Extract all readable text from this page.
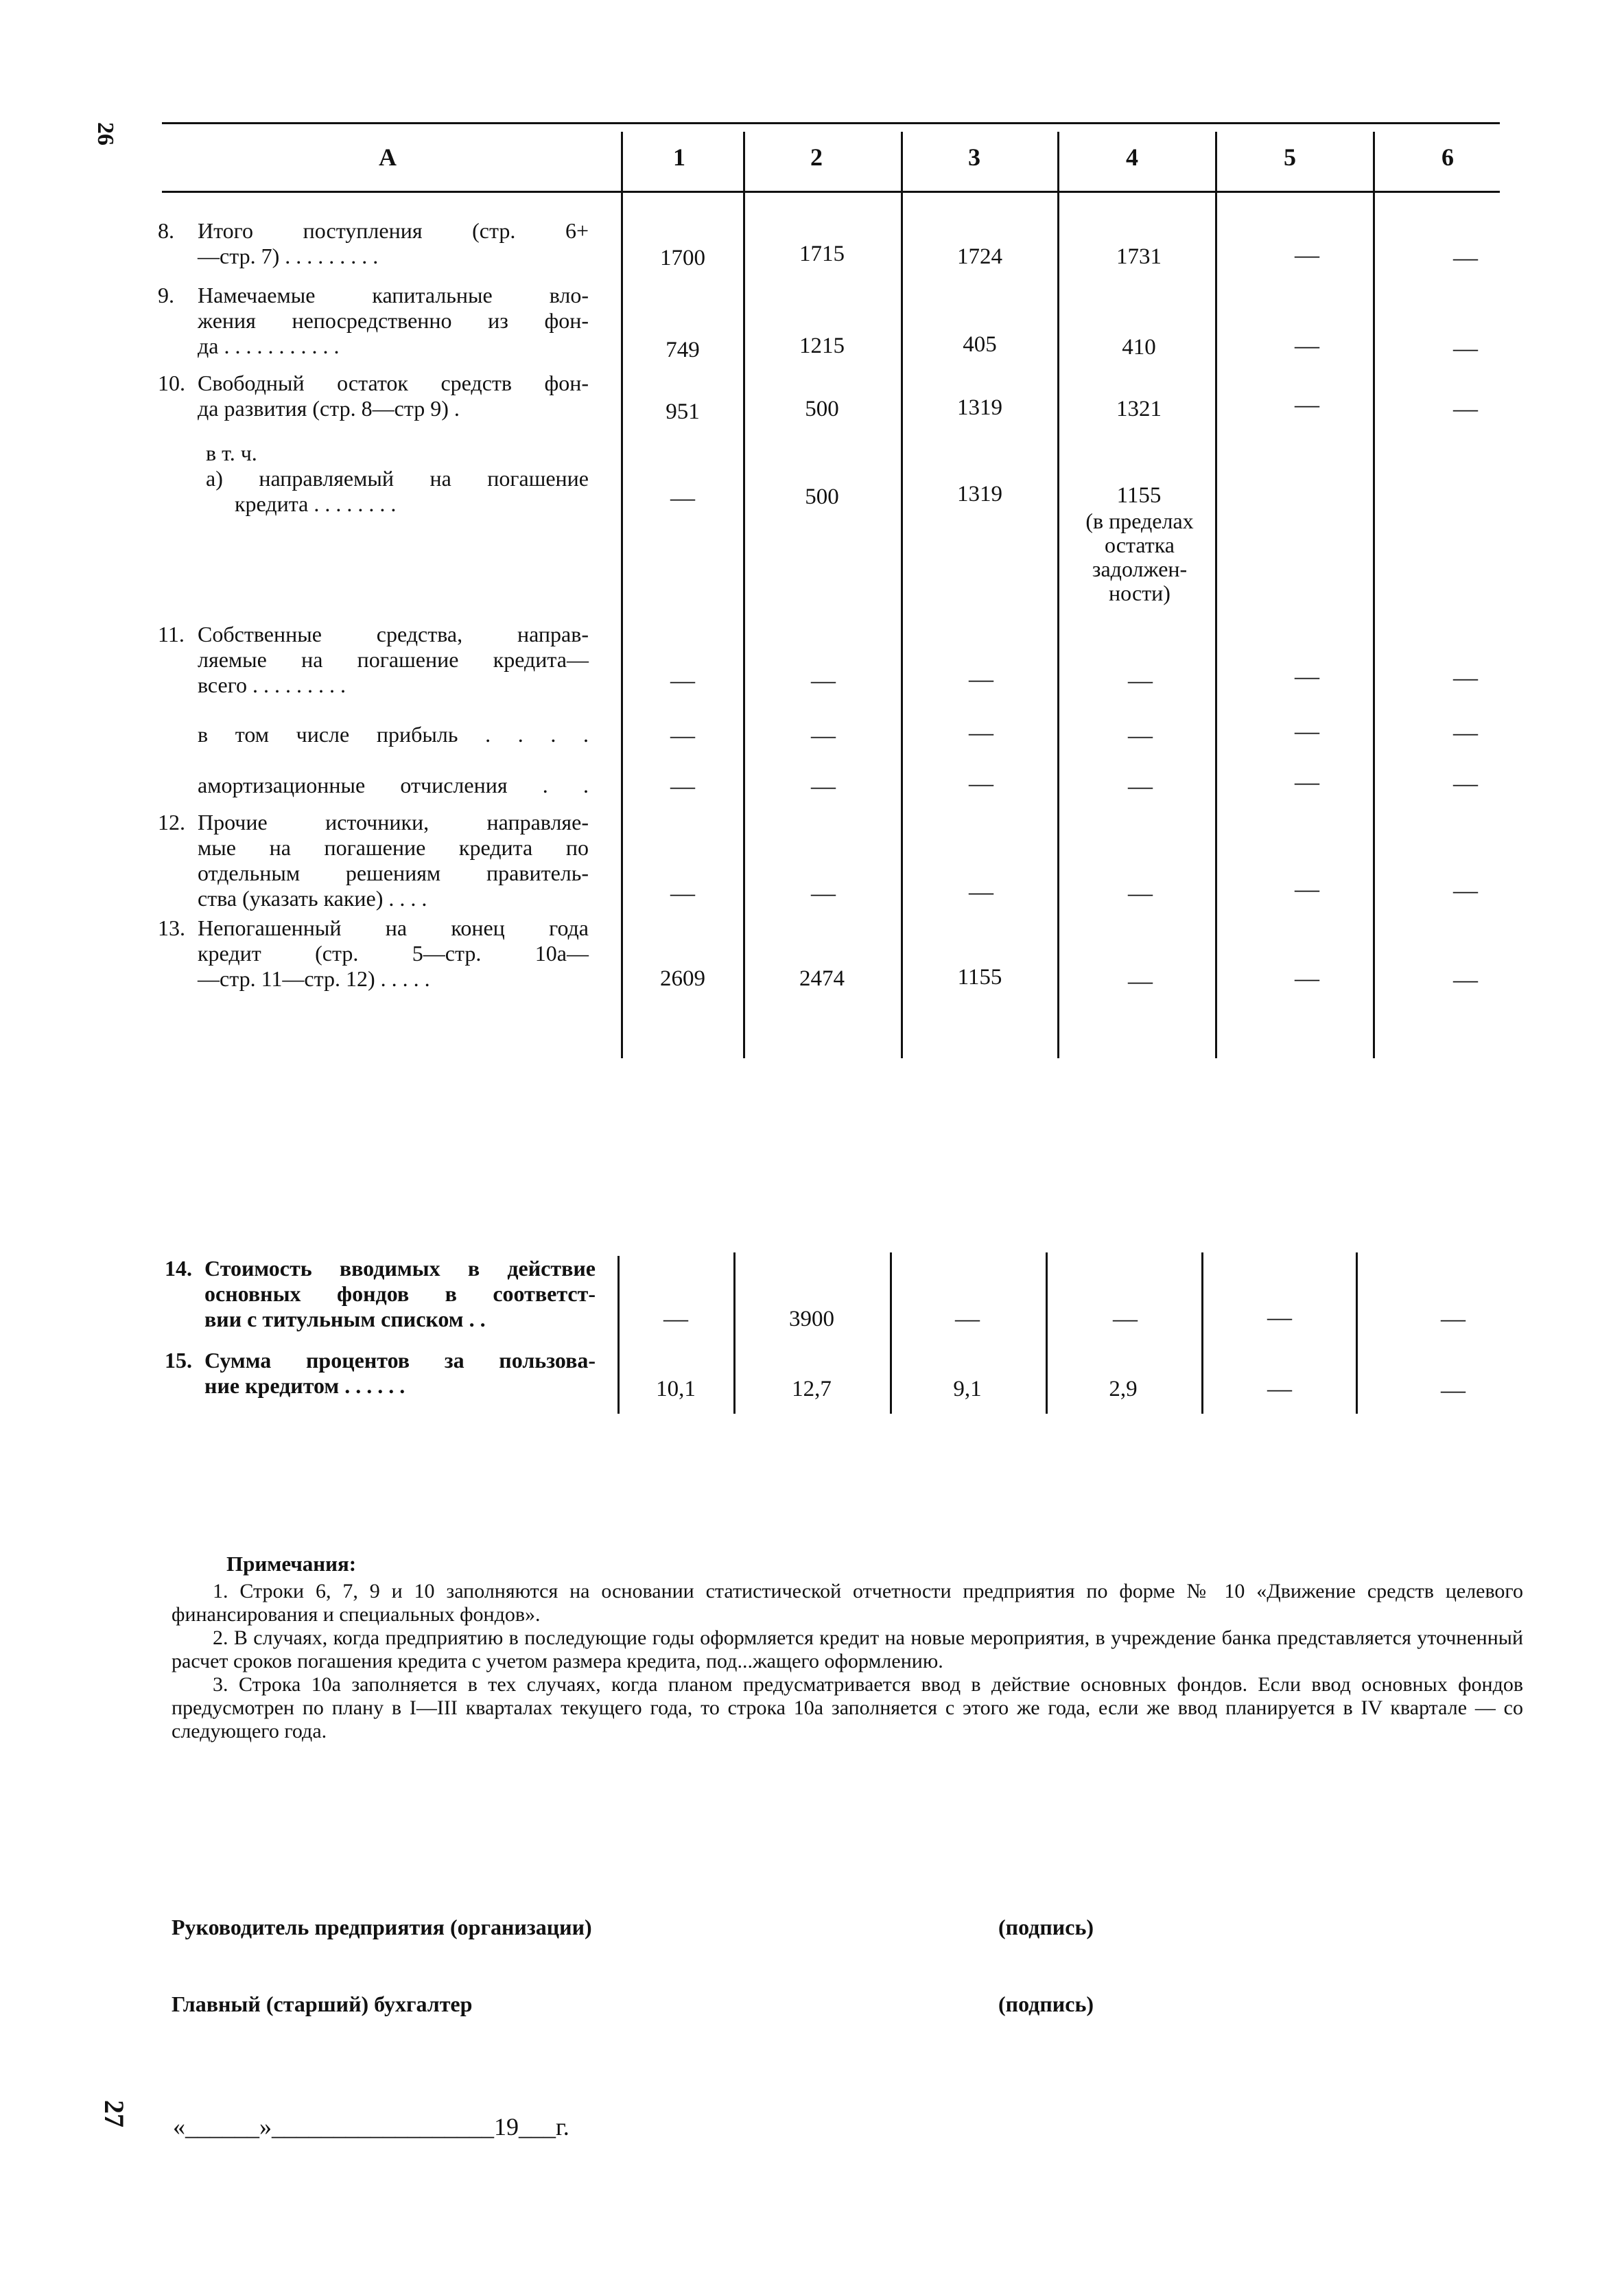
26
А	1	2	3	4	5	6
8. Итого поступления (стр. 6+
—стр. 7) . . . . . . . . .	1700	1715	1724	1731	—	—
9. Намечаемые капитальные вло-
жения непосредственно из фон-
да . . . . . . . . . . .	749	1215	405	410	—	—
10. Свободный остаток средств фон-
да развития (стр. 8—стр 9) .	951	500	1319	1321	—	—
в т. ч.
а) направляемый на погашение
кредита . . . . . . . .	—	500	1319	1155
(в пределах остатка задолжен-ности)
11. Собственные средства, направ-
ляемые на погашение кредита—
всего . . . . . . . . .	—	—	—	—	—	—
в том числе прибыль . . . .	—	—	—	—	—	—
амортизационные отчисления . .	—	—	—	—	—	—
12. Прочие источники, направляе-
мые на погашение кредита по
отдельным решениям правитель-
ства (указать какие) . . . .	—	—	—	—	—	—
13. Непогашенный на конец года
кредит (стр. 5—стр. 10а—
—стр. 11—стр. 12) . . . . .	2609	2474	1155	—	—	—
14. Стоимость вводимых в действие
основных фондов в соответст-
вии с титульным списком . .	—	3900	—	—	—	—
15. Сумма процентов за пользова-
ние кредитом . . . . . .	10,1	12,7	9,1	2,9	—	—
Примечания:

1. Строки 6, 7, 9 и 10 заполняются на основании статистической отчетности предприятия по форме № 10 «Движение средств целевого финансирования и специальных фондов».

2. В случаях, когда предприятию в последующие годы оформляется кредит на новые мероприятия, в учреждение банка представляется уточненный расчет сроков погашения кредита с учетом размера кредита, под...жащего оформлению.

3. Строка 10а заполняется в тех случаях, когда планом предусматривается ввод в действие основных фондов. Если ввод основных фондов предусмотрен по плану в I—III кварталах текущего года, то строка 10а заполняется с этого же года, если же ввод планируется в IV квартале — со следующего года.

Руководитель предприятия (организации)	(подпись)
Главный (старший) бухгалтер	(подпись)
27 «______»__________________19___г.
